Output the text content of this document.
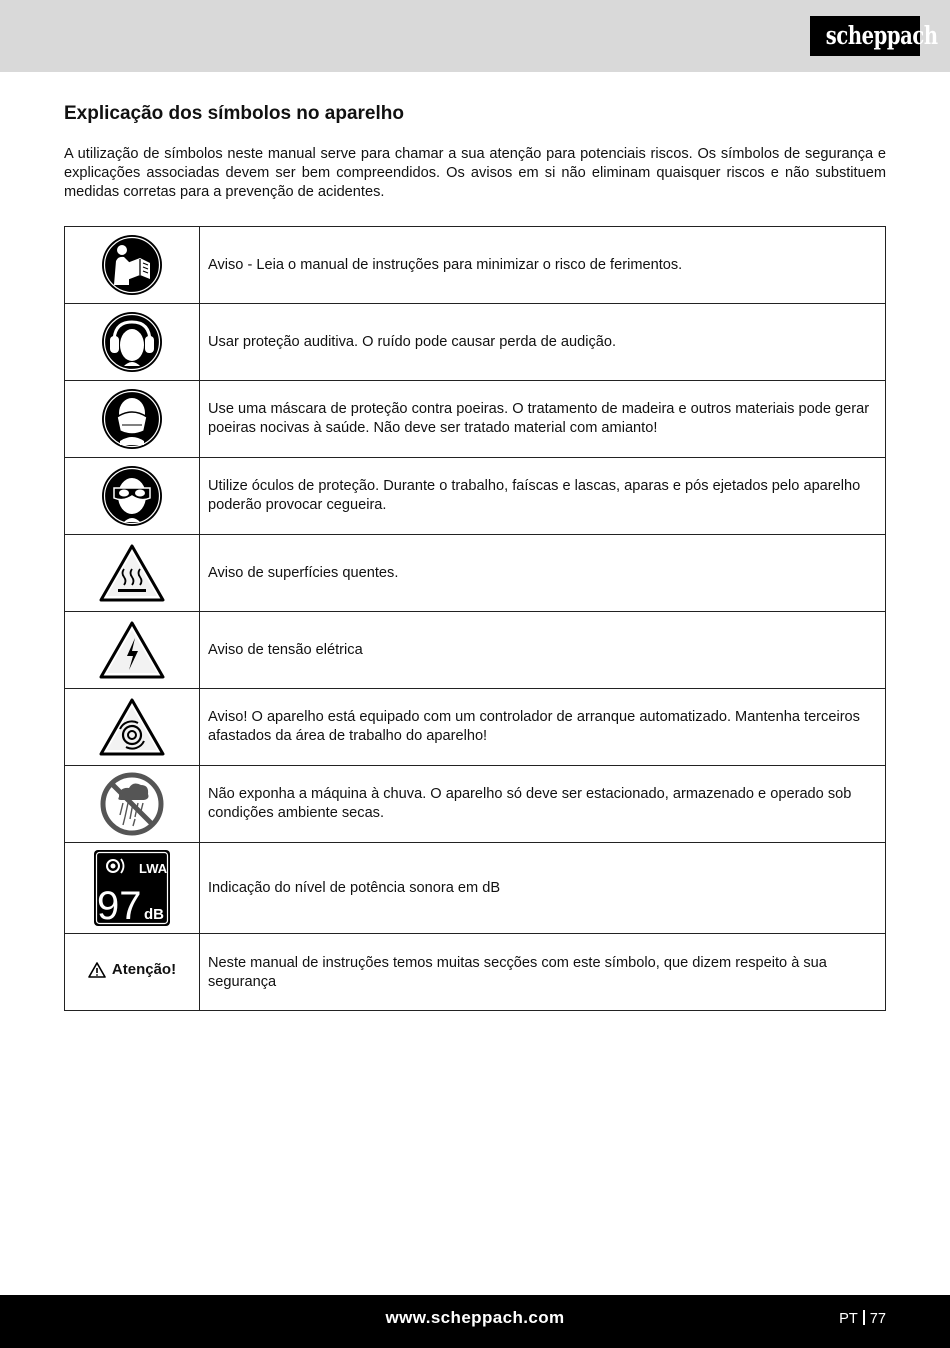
scheppach
Explicação dos símbolos no aparelho

A utilização de símbolos neste manual serve para chamar a sua atenção para potenciais riscos. Os símbolos de segurança e explicações associadas devem ser bem compreendidos. Os avisos em si não eliminam quaisquer riscos e não substituem medidas corretas para a prevenção de acidentes.

	Aviso - Leia o manual de instruções para minimizar o risco de ferimentos.

	Usar proteção auditiva. O ruído pode causar perda de audição.

	Use uma máscara de proteção contra poeiras. O tratamento de madeira e outros materiais pode gerar poeiras nocivas à saúde. Não deve ser tratado material com amianto!

	Utilize óculos de proteção. Durante o trabalho, faíscas e lascas, aparas e pós ejetados pelo aparelho poderão provocar cegueira.

	Aviso de superfícies quentes.

	Aviso de tensão elétrica

	Aviso! O aparelho está equipado com um controlador de arranque automatizado. Mantenha terceiros afastados da área de trabalho do aparelho!

	Não exponha a máquina à chuva. O aparelho só deve ser estacionado, armazenado e operado sob condições ambiente secas.

LWA
97 dB	Indicação do nível de potência sonora em dB

Atenção!	Neste manual de instruções temos muitas secções com este símbolo, que dizem respeito à sua segurança
www.scheppach.com	PT 77
